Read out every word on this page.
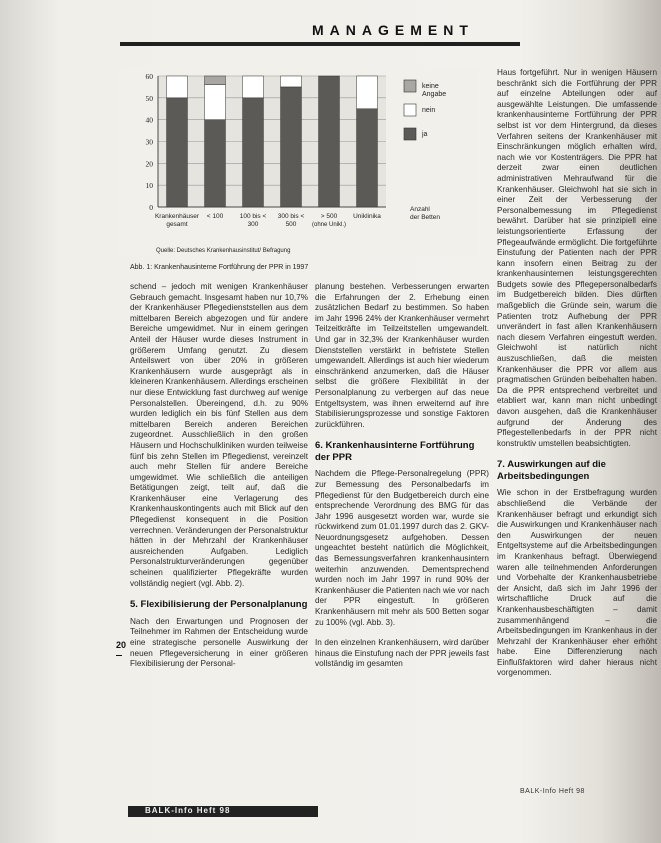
MANAGEMENT
0
10
20
30
40
50
60
Krankenhäuser
gesamt
< 100	100 bis <
300
300 bis <
500
> 500
(ohne Unikl.)
Uniklinika
keine
Angabe
nein
ja
Anzahl
der Betten
Quelle: Deutsches Krankenhausinstitut/ Befragung
Abb. 1: Krankenhausinterne Fortführung der PPR in 1997

schend – jedoch mit wenigen Krankenhäuser Gebrauch gemacht. Insgesamt haben nur 10,7% der Krankenhäuser Pflegedienststellen aus dem mittelbaren Bereich abgezogen und für andere Bereiche umgewidmet. Nur in einem geringen Anteil der Häuser wurde dieses Instrument in größerem Umfang genutzt. Zu diesem Anteilswert von über 20% in größeren Krankenhäusern wurde ausgeprägt als in kleineren Krankenhäusern. Allerdings erscheinen nur diese Entwicklung fast durchweg auf wenige Personalstellen. Übereingend, d.h. zu 90% wurden lediglich ein bis fünf Stellen aus dem mittelbaren Bereich anderen Bereichen zugeordnet. Ausschließlich in den großen Häusern und Hochschulkliniken wurden teilweise fünf bis zehn Stellen im Pflegedienst, vereinzelt auch mehr Stellen für andere Bereiche umgewidmet. Wie schließlich die anteiligen Betätigungen zeigt, teilt auf, daß die Krankenhäuser eine Verlagerung des Krankenhauskontingents auch mit Blick auf den Pflegedienst konsequent in die Position verrechnen. Veränderungen der Personalstruktur hätten in der Mehrzahl der Krankenhäuser ausreichenden Aufgaben. Lediglich Personalstrukturveränderungen gegenüber scheinen qualifizierter Pflegekräfte wurden vollständig negiert (vgl. Abb. 2).

5. Flexibilisierung der Personalplanung

Nach den Erwartungen und Prognosen der Teilnehmer im Rahmen der Entscheidung wurde eine strategische personelle Auswirkung der neuen Pflegeversicherung in einer größeren Flexibilisierung der Personal-

planung bestehen. Verbesserungen erwarten die Erfahrungen der 2. Erhebung einen zusätzlichen Bedarf zu bestimmen. So haben im Jahr 1996 24% der Krankenhäuser vermehrt Teilzeitkräfte im Teilzeitstellen umgewandelt. Und gar in 32,3% der Krankenhäuser wurden Dienststellen verstärkt in befristete Stellen umgewandelt. Allerdings ist auch hier wiederum einschränkend anzumerken, daß die Häuser selbst die größere Flexibilität in der Personalplanung zu verbergen auf das neue Entgeltsystem, was ihnen erweiternd auf ihre Stabilisierungsprozesse und sonstige Faktoren zurückführen.

6. Krankenhausinterne Fortführung der PPR

Nachdem die Pflege-Personalregelung (PPR) zur Bemessung des Personalbedarfs im Pflegedienst für den Budgetbereich durch eine entsprechende Verordnung des BMG für das Jahr 1996 ausgesetzt worden war, wurde sie rückwirkend zum 01.01.1997 durch das 2. GKV-Neuordnungsgesetz aufgehoben. Dessen ungeachtet besteht natürlich die Möglichkeit, das Bemessungsverfahren krankenhausintern weiterhin anzuwenden. Dementsprechend wurden noch im Jahr 1997 in rund 90% der Krankenhäuser die Patienten nach wie vor nach der PPR eingestuft. In größeren Krankenhäusern mit mehr als 500 Betten sogar zu 100% (vgl. Abb. 3).

In den einzelnen Krankenhäusern, wird darüber hinaus die Einstufung nach der PPR jeweils fast vollständig im gesamten

Haus fortgeführt. Nur in wenigen Häusern beschränkt sich die Fortführung der PPR auf einzelne Abteilungen oder auf ausgewählte Leistungen. Die umfassende krankenhausinterne Fortführung der PPR selbst ist vor dem Hintergrund, da dieses Verfahren seitens der Krankenhäuser mit Einschränkungen möglich erhalten wird, nach wie vor Kostenträgers. Die PPR hat derzeit zwar einen deutlichen administrativen Mehraufwand für die Krankenhäuser. Gleichwohl hat sie sich in einer Zeit der Verbesserung der Personalbemessung im Pflegedienst bewährt. Darüber hat sie prinzipiell eine leistungsorientierte Erfassung der Pflegeaufwände ermöglicht. Die fortgeführte Einstufung der Patienten nach der PPR kann insofern einen Beitrag zu der krankenhausinternen leistungsgerechten Budgets sowie des Pflegepersonalbedarfs im Budgetbereich bilden. Dies dürften maßgeblich die Gründe sein, warum die Patienten trotz Aufhebung der PPR unverändert in fast allen Krankenhäusern nach diesem Verfahren eingestuft werden. Gleichwohl ist natürlich nicht auszuschließen, daß die meisten Krankenhäuser die PPR vor allem aus pragmatischen Gründen beibehalten haben. Da die PPR entsprechend verbreitet und etabliert war, kann man nicht unbedingt davon ausgehen, daß die Krankenhäuser aufgrund der Änderung des Pflegestellenbedarfs in der PPR nicht konstruktiv umstellen beabsichtigten.

7. Auswirkungen auf die Arbeitsbedingungen

Wie schon in der Erstbefragung wurden abschließend die Verbände der Krankenhäuser befragt und erkundigt sich die Auswirkungen und Krankenhäuser nach den Auswirkungen der neuen Entgeltsysteme auf die Arbeitsbedingungen im Krankenhaus befragt. Überwiegend waren alle teilnehmenden Anforderungen und Vorbehalte der Krankenhausbetriebe der Ansicht, daß sich im Jahr 1996 der wirtschaftliche Druck auf die Krankenhausbeschäftigten – damit zusammenhängend – die Arbeitsbedingungen im Krankenhaus in der Mehrzahl der Krankenhäuser eher erhöht habe. Eine Differenzierung nach Einflußfaktoren wird daher hieraus nicht vorgenommen.

20
BALK-Info Heft 98
BALK-Info Heft 98
